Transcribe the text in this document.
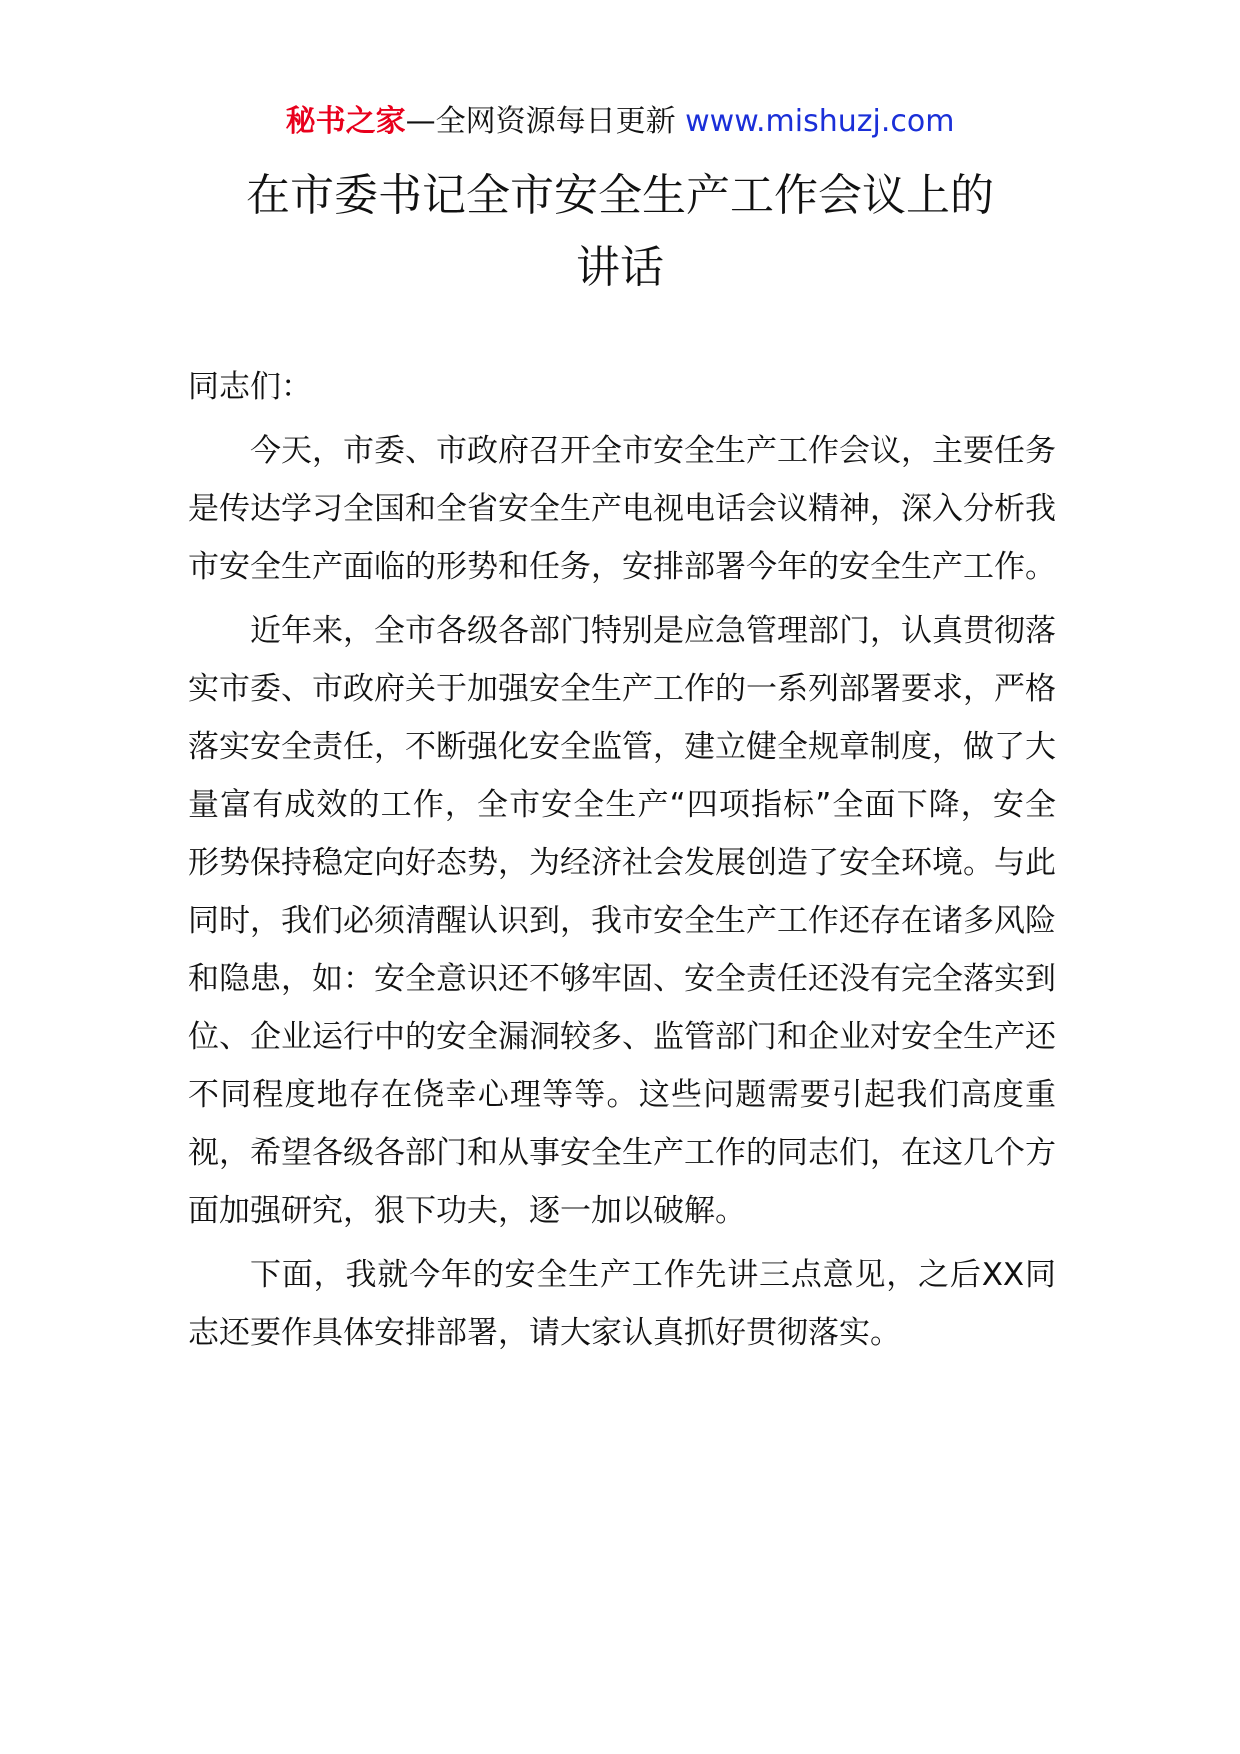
秘书之家—全网资源每日更新 www.mishuzj.com
在市委书记全市安全生产工作会议上的
讲话

同志们：

今天，市委、市政府召开全市安全生产工作会议，主要任务是传达学习全国和全省安全生产电视电话会议精神，深入分析我市安全生产面临的形势和任务，安排部署今年的安全生产工作。

近年来，全市各级各部门特别是应急管理部门，认真贯彻落实市委、市政府关于加强安全生产工作的一系列部署要求，严格落实安全责任，不断强化安全监管，建立健全规章制度，做了大量富有成效的工作，全市安全生产“四项指标”全面下降，安全形势保持稳定向好态势，为经济社会发展创造了安全环境。与此同时，我们必须清醒认识到，我市安全生产工作还存在诸多风险和隐患，如：安全意识还不够牢固、安全责任还没有完全落实到位、企业运行中的安全漏洞较多、监管部门和企业对安全生产还不同程度地存在侥幸心理等等。这些问题需要引起我们高度重视，希望各级各部门和从事安全生产工作的同志们，在这几个方面加强研究，狠下功夫，逐一加以破解。

下面，我就今年的安全生产工作先讲三点意见，之后XX同志还要作具体安排部署，请大家认真抓好贯彻落实。
